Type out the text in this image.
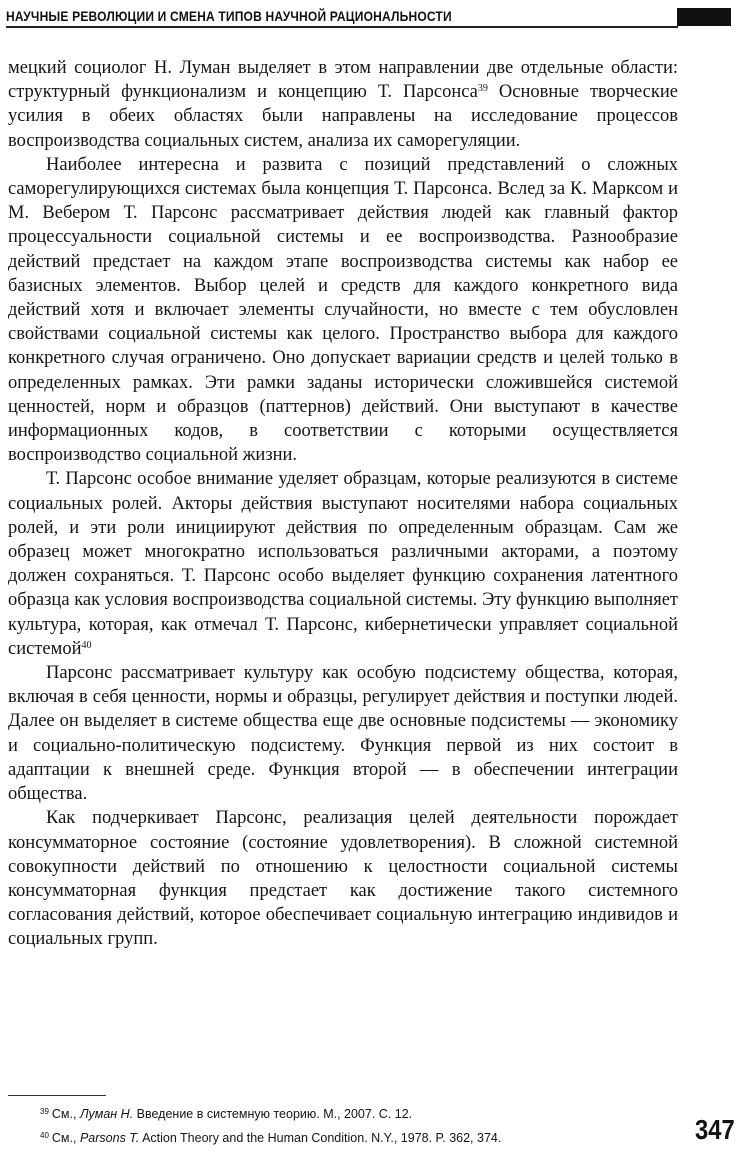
НАУЧНЫЕ РЕВОЛЮЦИИ И СМЕНА ТИПОВ НАУЧНОЙ РАЦИОНАЛЬНОСТИ

мецкий социолог Н. Луман выделяет в этом направлении две отдельные области: структурный функционализм и концепцию Т. Парсонса$^{39}$ Основные творческие усилия в обеих областях были направлены на исследование процессов воспроизводства социальных систем, анализа их саморегуляции.

Наиболее интересна и развита с позиций представлений о сложных саморегулирующихся системах была концепция Т. Парсонса. Вслед за К. Марксом и М. Вебером Т. Парсонс рассматривает действия людей как главный фактор процессуальности социальной системы и ее воспроизводства. Разнообразие действий предстает на каждом этапе воспроизводства системы как набор ее базисных элементов. Выбор целей и средств для каждого конкретного вида действий хотя и включает элементы случайности, но вместе с тем обусловлен свойствами социальной системы как целого. Пространство выбора для каждого конкретного случая ограничено. Оно допускает вариации средств и целей только в определенных рамках. Эти рамки заданы исторически сложившейся системой ценностей, норм и образцов (паттернов) действий. Они выступают в качестве информационных кодов, в соответствии с которыми осуществляется воспроизводство социальной жизни.

Т. Парсонс особое внимание уделяет образцам, которые реализуются в системе социальных ролей. Акторы действия выступают носителями набора социальных ролей, и эти роли инициируют действия по определенным образцам. Сам же образец может многократно использоваться различными акторами, а поэтому должен сохраняться. Т. Парсонс особо выделяет функцию сохранения латентного образца как условия воспроизводства социальной системы. Эту функцию выполняет культура, которая, как отмечал Т. Парсонс, кибернетически управляет социальной системой$^{40}$

Парсонс рассматривает культуру как особую подсистему общества, которая, включая в себя ценности, нормы и образцы, регулирует действия и поступки людей. Далее он выделяет в системе общества еще две основные подсистемы — экономику и социально-политическую подсистему. Функция первой из них состоит в адаптации к внешней среде. Функция второй — в обеспечении интеграции общества.

Как подчеркивает Парсонс, реализация целей деятельности порождает консумматорное состояние (состояние удовлетворения). В сложной системной совокупности действий по отношению к целостности социальной системы консумматорная функция предстает как достижение такого системного согласования действий, которое обеспечивает социальную интеграцию индивидов и социальных групп.

$^{39}$ См., Луман Н. Введение в системную теорию. М., 2007. С. 12.
$^{40}$ См., Parsons T. Action Theory and the Human Condition. N.Y., 1978. P. 362, 374.	347
